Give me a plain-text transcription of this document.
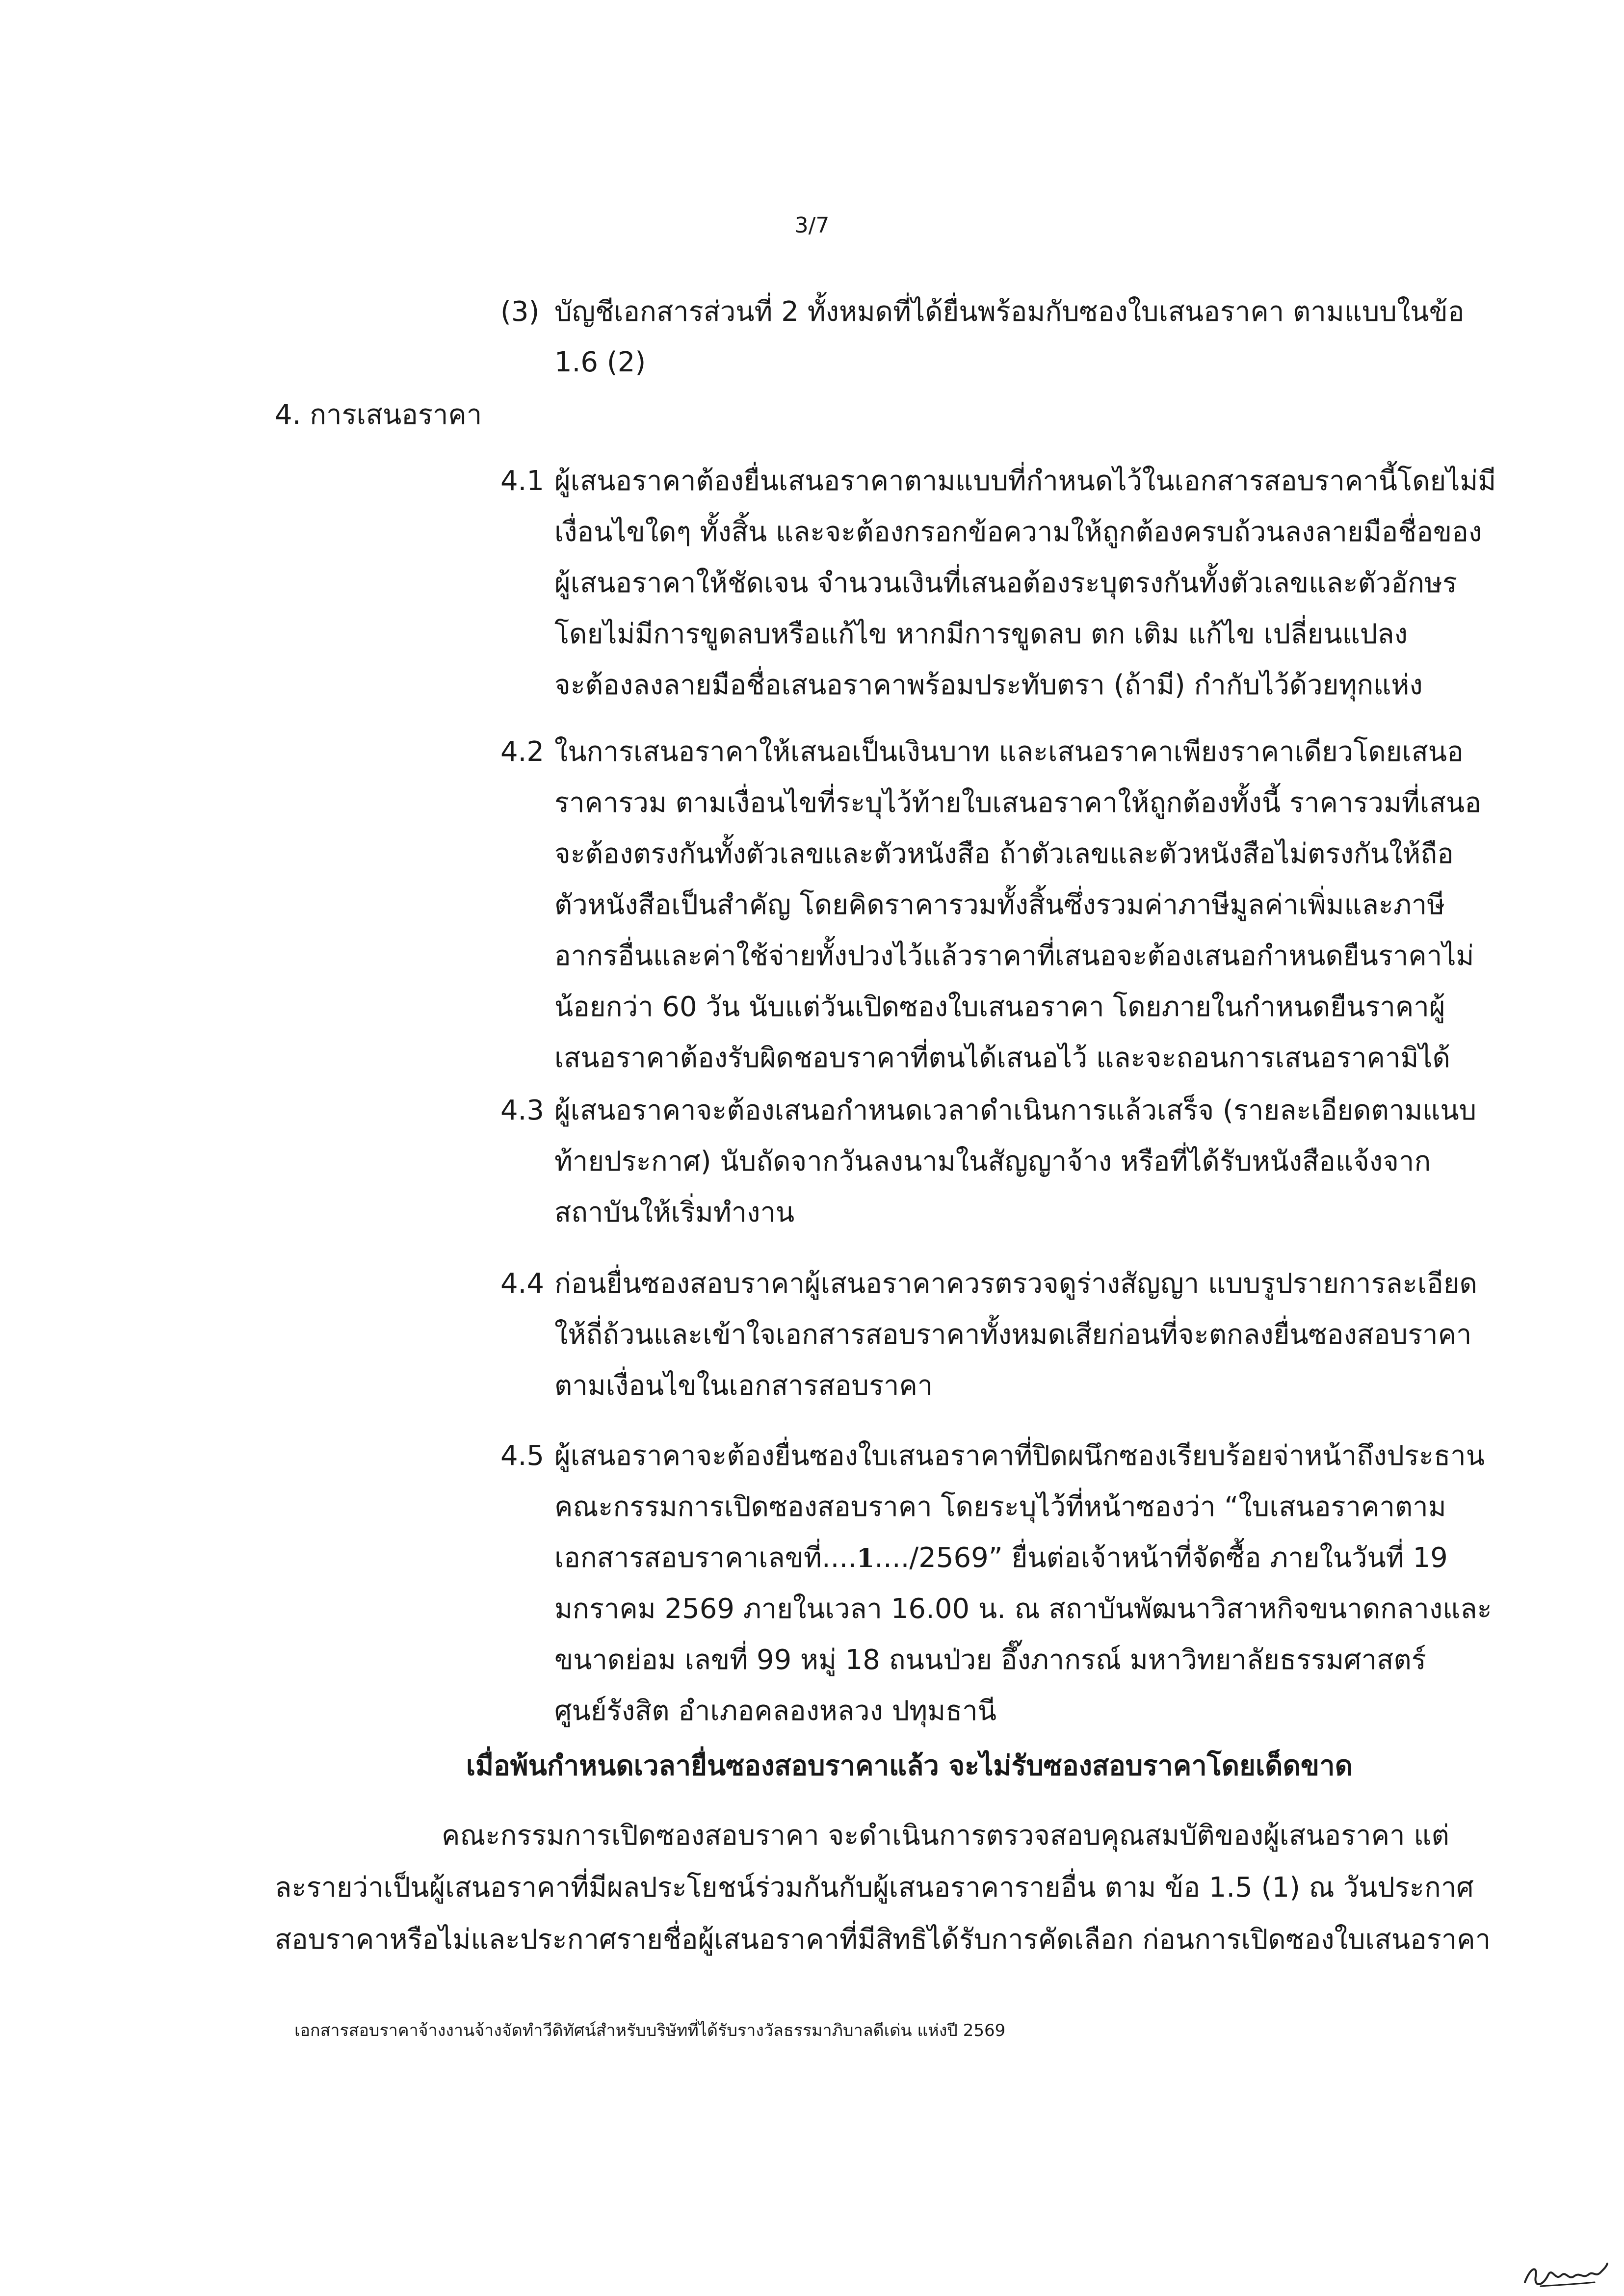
3/7
(3) บัญชีเอกสารส่วนที่ 2 ทั้งหมดที่ได้ยื่นพร้อมกับซองใบเสนอราคา ตามแบบในข้อ
1.6 (2)
4. การเสนอราคา
4.1 ผู้เสนอราคาต้องยื่นเสนอราคาตามแบบที่กำหนดไว้ในเอกสารสอบราคานี้โดยไม่มี
เงื่อนไขใดๆ ทั้งสิ้น และจะต้องกรอกข้อความให้ถูกต้องครบถ้วนลงลายมือชื่อของ
ผู้เสนอราคาให้ชัดเจน จำนวนเงินที่เสนอต้องระบุตรงกันทั้งตัวเลขและตัวอักษร
โดยไม่มีการขูดลบหรือแก้ไข หากมีการขูดลบ ตก เติม แก้ไข เปลี่ยนแปลง
จะต้องลงลายมือชื่อเสนอราคาพร้อมประทับตรา (ถ้ามี) กำกับไว้ด้วยทุกแห่ง
4.2 ในการเสนอราคาให้เสนอเป็นเงินบาท และเสนอราคาเพียงราคาเดียวโดยเสนอ
ราคารวม ตามเงื่อนไขที่ระบุไว้ท้ายใบเสนอราคาให้ถูกต้องทั้งนี้ ราคารวมที่เสนอ
จะต้องตรงกันทั้งตัวเลขและตัวหนังสือ ถ้าตัวเลขและตัวหนังสือไม่ตรงกันให้ถือ
ตัวหนังสือเป็นสำคัญ โดยคิดราคารวมทั้งสิ้นซึ่งรวมค่าภาษีมูลค่าเพิ่มและภาษี
อากรอื่นและค่าใช้จ่ายทั้งปวงไว้แล้วราคาที่เสนอจะต้องเสนอกำหนดยืนราคาไม่
น้อยกว่า 60 วัน นับแต่วันเปิดซองใบเสนอราคา โดยภายในกำหนดยืนราคาผู้
เสนอราคาต้องรับผิดชอบราคาที่ตนได้เสนอไว้ และจะถอนการเสนอราคามิได้
4.3 ผู้เสนอราคาจะต้องเสนอกำหนดเวลาดำเนินการแล้วเสร็จ (รายละเอียดตามแนบ
ท้ายประกาศ) นับถัดจากวันลงนามในสัญญาจ้าง หรือที่ได้รับหนังสือแจ้งจาก
สถาบันให้เริ่มทำงาน
4.4 ก่อนยื่นซองสอบราคาผู้เสนอราคาควรตรวจดูร่างสัญญา แบบรูปรายการละเอียด
ให้ถี่ถ้วนและเข้าใจเอกสารสอบราคาทั้งหมดเสียก่อนที่จะตกลงยื่นซองสอบราคา
ตามเงื่อนไขในเอกสารสอบราคา
4.5 ผู้เสนอราคาจะต้องยื่นซองใบเสนอราคาที่ปิดผนึกซองเรียบร้อยจ่าหน้าถึงประธาน
คณะกรรมการเปิดซองสอบราคา โดยระบุไว้ที่หน้าซองว่า “ใบเสนอราคาตาม
เอกสารสอบราคาเลขที่....1..../2569” ยื่นต่อเจ้าหน้าที่จัดซื้อ ภายในวันที่ 19
มกราคม 2569 ภายในเวลา 16.00 น. ณ สถาบันพัฒนาวิสาหกิจขนาดกลางและ
ขนาดย่อม เลขที่ 99 หมู่ 18 ถนนป่วย อึ๊งภากรณ์ มหาวิทยาลัยธรรมศาสตร์
ศูนย์รังสิต อำเภอคลองหลวง ปทุมธานี
เมื่อพ้นกำหนดเวลายื่นซองสอบราคาแล้ว จะไม่รับซองสอบราคาโดยเด็ดขาด
คณะกรรมการเปิดซองสอบราคา จะดำเนินการตรวจสอบคุณสมบัติของผู้เสนอราคา แต่
ละรายว่าเป็นผู้เสนอราคาที่มีผลประโยชน์ร่วมกันกับผู้เสนอราคารายอื่น ตาม ข้อ 1.5 (1) ณ วันประกาศ
สอบราคาหรือไม่และประกาศรายชื่อผู้เสนอราคาที่มีสิทธิได้รับการคัดเลือก ก่อนการเปิดซองใบเสนอราคา
เอกสารสอบราคาจ้างงานจ้างจัดทำวีดิทัศน์สำหรับบริษัทที่ได้รับรางวัลธรรมาภิบาลดีเด่น แห่งปี 2569
